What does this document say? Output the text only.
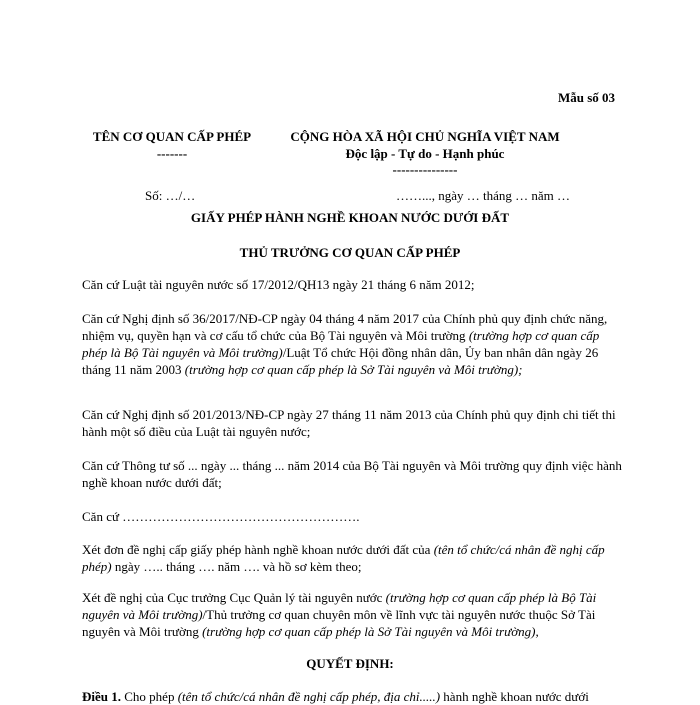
Mẫu số 03
TÊN CƠ QUAN CẤP PHÉP
-------
CỘNG HÒA XÃ HỘI CHỦ NGHĨA VIỆT NAM
Độc lập - Tự do - Hạnh phúc
---------------
Số: …/…	……..., ngày … tháng … năm …
GIẤY PHÉP HÀNH NGHỀ KHOAN NƯỚC DƯỚI ĐẤT
THỦ TRƯỞNG CƠ QUAN CẤP PHÉP
Căn cứ Luật tài nguyên nước số 17/2012/QH13 ngày 21 tháng 6 năm 2012;
Căn cứ Nghị định số 36/2017/NĐ-CP ngày 04 tháng 4 năm 2017 của Chính phủ quy định chức năng, nhiệm vụ, quyền hạn và cơ cấu tổ chức của Bộ Tài nguyên và Môi trường (trường hợp cơ quan cấp phép là Bộ Tài nguyên và Môi trường)/Luật Tổ chức Hội đồng nhân dân, Ủy ban nhân dân ngày 26 tháng 11 năm 2003 (trường hợp cơ quan cấp phép là Sở Tài nguyên và Môi trường);
Căn cứ Nghị định số 201/2013/NĐ-CP ngày 27 tháng 11 năm 2013 của Chính phủ quy định chi tiết thi hành một số điều của Luật tài nguyên nước;
Căn cứ Thông tư số ... ngày ... tháng ... năm 2014 của Bộ Tài nguyên và Môi trường quy định việc hành nghề khoan nước dưới đất;
Căn cứ ……………………………………………….
Xét đơn đề nghị cấp giấy phép hành nghề khoan nước dưới đất của (tên tổ chức/cá nhân đề nghị cấp phép) ngày ….. tháng …. năm …. và hồ sơ kèm theo;
Xét đề nghị của Cục trưởng Cục Quản lý tài nguyên nước (trường hợp cơ quan cấp phép là Bộ Tài nguyên và Môi trường)/Thủ trưởng cơ quan chuyên môn về lĩnh vực tài nguyên nước thuộc Sở Tài nguyên và Môi trường (trường hợp cơ quan cấp phép là Sở Tài nguyên và Môi trường),
QUYẾT ĐỊNH:
Điều 1. Cho phép (tên tổ chức/cá nhân đề nghị cấp phép, địa chỉ.....) hành nghề khoan nước dưới
